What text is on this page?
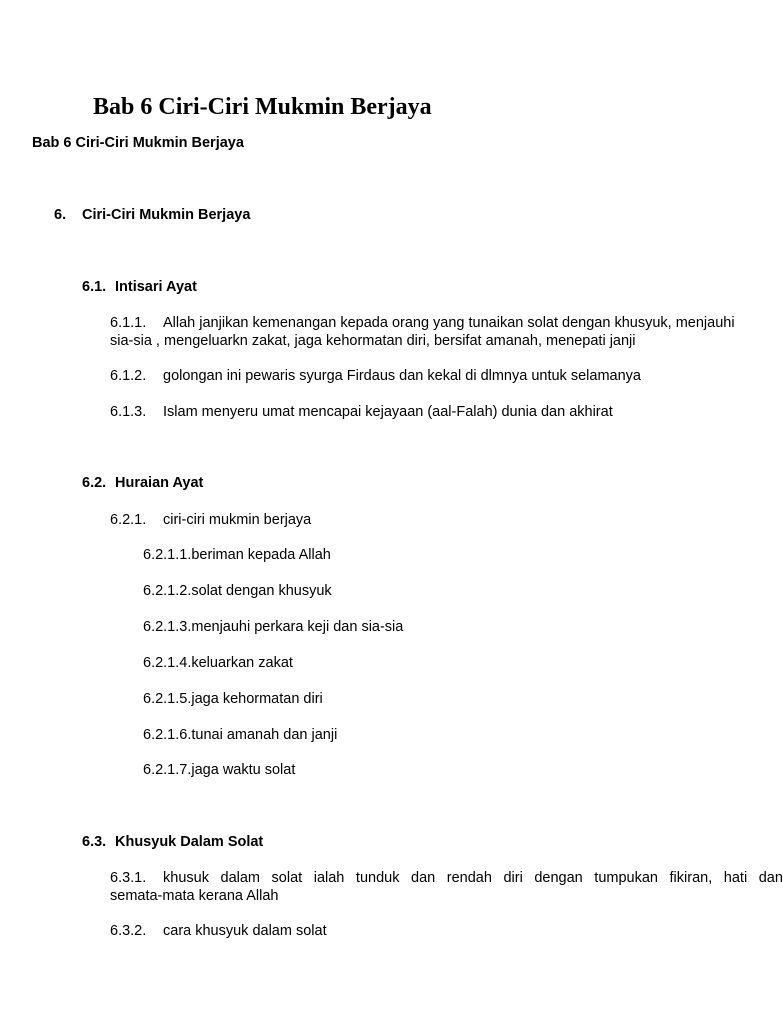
Bab 6 Ciri-Ciri Mukmin Berjaya
Bab 6 Ciri-Ciri Mukmin Berjaya
6. Ciri-Ciri Mukmin Berjaya
6.1. Intisari Ayat
6.1.1. Allah janjikan kemenangan kepada orang yang tunaikan solat dengan khusyuk, menjauhi
sia-sia , mengeluarkn zakat, jaga kehormatan diri, bersifat amanah, menepati janji
6.1.2. golongan ini pewaris syurga Firdaus dan kekal di dlmnya untuk selamanya
6.1.3. Islam menyeru umat mencapai kejayaan (aal-Falah) dunia dan akhirat
6.2. Huraian Ayat
6.2.1. ciri-ciri mukmin berjaya
6.2.1.1.beriman kepada Allah
6.2.1.2.solat dengan khusyuk
6.2.1.3.menjauhi perkara keji dan sia-sia
6.2.1.4.keluarkan zakat
6.2.1.5.jaga kehormatan diri
6.2.1.6.tunai amanah dan janji
6.2.1.7.jaga waktu solat
6.3. Khusyuk Dalam Solat
6.3.1.	khusuk dalam solat ialah tunduk dan rendah diri dengan tumpukan fikiran, hati dan
semata-mata kerana Allah
6.3.2. cara khusyuk dalam solat
